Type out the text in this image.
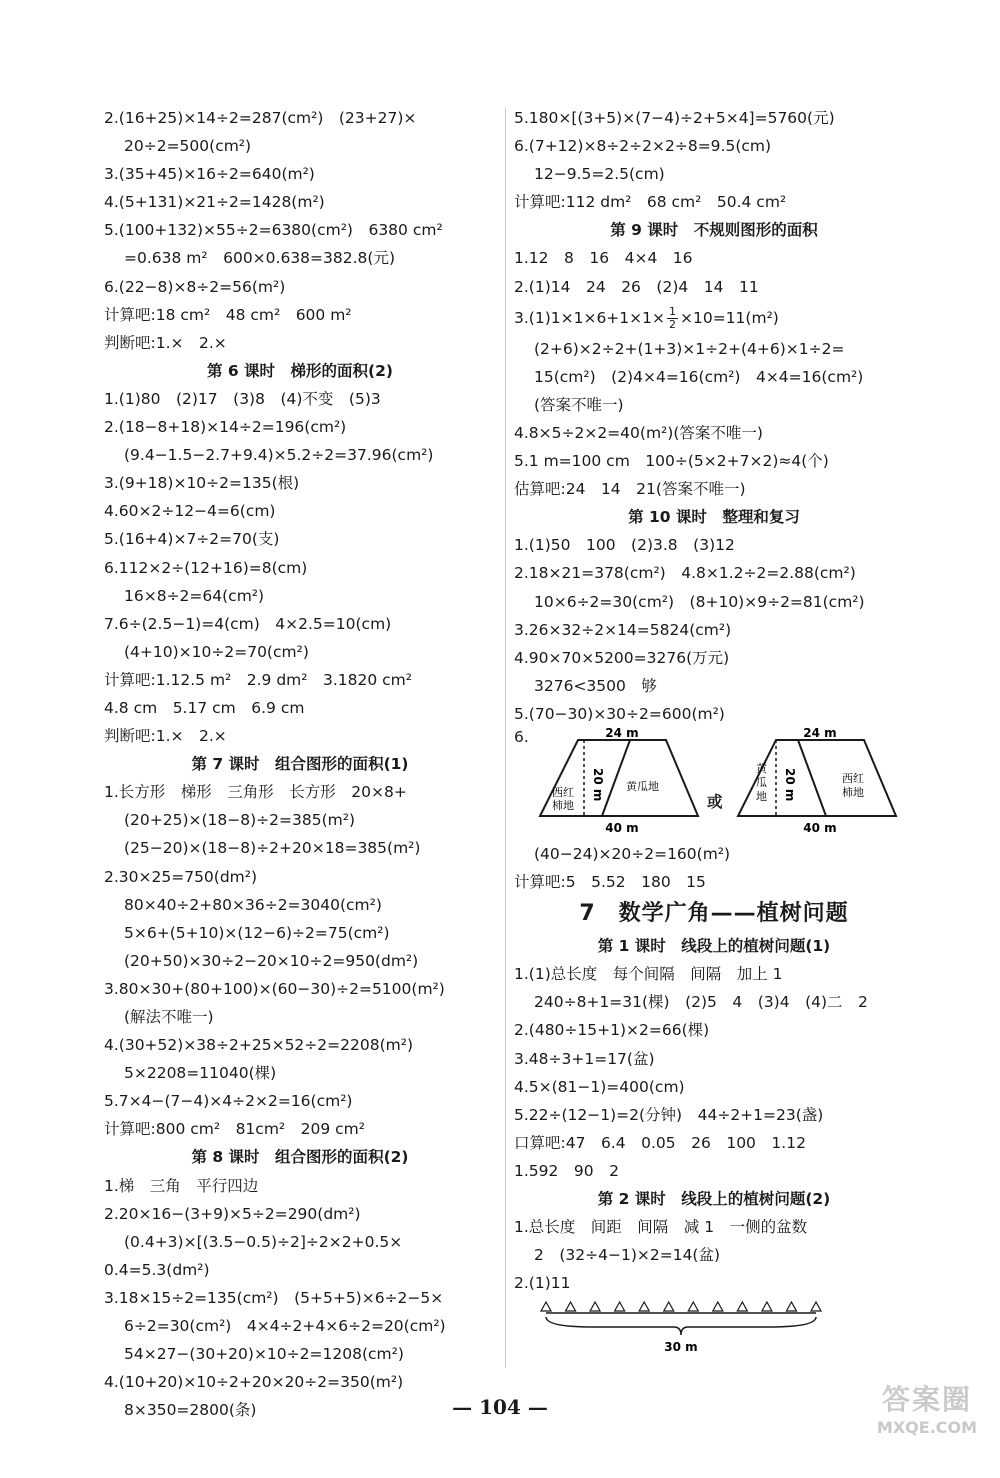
2.(16+25)×14÷2=287(cm²)　(23+27)×
20÷2=500(cm²)
3.(35+45)×16÷2=640(m²)
4.(5+131)×21÷2=1428(m²)
5.(100+132)×55÷2=6380(cm²)　6380 cm²
=0.638 m²　600×0.638=382.8(元)
6.(22−8)×8÷2=56(m²)
计算吧:18 cm²　48 cm²　600 m²
判断吧:1.×　2.×
第 6 课时　梯形的面积(2)
1.(1)80　(2)17　(3)8　(4)不变　(5)3
2.(18−8+18)×14÷2=196(cm²)
(9.4−1.5−2.7+9.4)×5.2÷2=37.96(cm²)
3.(9+18)×10÷2=135(根)
4.60×2÷12−4=6(cm)
5.(16+4)×7÷2=70(支)
6.112×2÷(12+16)=8(cm)
16×8÷2=64(cm²)
7.6÷(2.5−1)=4(cm)　4×2.5=10(cm)
(4+10)×10÷2=70(cm²)
计算吧:1.12.5 m²　2.9 dm²　3.1820 cm²
4.8 cm　5.17 cm　6.9 cm
判断吧:1.×　2.×
第 7 课时　组合图形的面积(1)
1.长方形　梯形　三角形　长方形　20×8+
(20+25)×(18−8)÷2=385(m²)
(25−20)×(18−8)÷2+20×18=385(m²)
2.30×25=750(dm²)
80×40÷2+80×36÷2=3040(cm²)
5×6+(5+10)×(12−6)÷2=75(cm²)
(20+50)×30÷2−20×10÷2=950(dm²)
3.80×30+(80+100)×(60−30)÷2=5100(m²)
(解法不唯一)
4.(30+52)×38÷2+25×52÷2=2208(m²)
5×2208=11040(棵)
5.7×4−(7−4)×4÷2×2=16(cm²)
计算吧:800 cm²　81cm²　209 cm²
第 8 课时　组合图形的面积(2)
1.梯　三角　平行四边
2.20×16−(3+9)×5÷2=290(dm²)
(0.4+3)×[(3.5−0.5)÷2]÷2×2+0.5×
0.4=5.3(dm²)
3.18×15÷2=135(cm²)　(5+5+5)×6÷2−5×
6÷2=30(cm²)　4×4÷2+4×6÷2=20(cm²)
54×27−(30+20)×10÷2=1208(cm²)
4.(10+20)×10÷2+20×20÷2=350(m²)
8×350=2800(条)
5.180×[(3+5)×(7−4)÷2+5×4]=5760(元)
6.(7+12)×8÷2÷2×2÷8=9.5(cm)
12−9.5=2.5(cm)
计算吧:112 dm²　68 cm²　50.4 cm²
第 9 课时　不规则图形的面积
1.12　8　16　4×4　16
2.(1)14　24　26　(2)4　14　11
$3.(1)1\times 1\times 6+1\times 1\times \frac{1}{2} \times 10=11(m^2)$
(2+6)×2÷2+(1+3)×1÷2+(4+6)×1÷2=
15(cm²)　(2)4×4=16(cm²)　4×4=16(cm²)
(答案不唯一)
4.8×5÷2×2=40(m²)(答案不唯一)
5.1 m=100 cm　100÷(5×2+7×2)≈4(个)
估算吧:24　14　21(答案不唯一)
第 10 课时　整理和复习
1.(1)50　100　(2)3.8　(3)12
2.18×21=378(cm²)　4.8×1.2÷2=2.88(cm²)
10×6÷2=30(cm²)　(8+10)×9÷2=81(cm²)
3.26×32÷2×14=5824(cm²)
4.90×70×5200=3276(万元)
3276<3500　够
5.(70−30)×30÷2=600(m²)
6.	24 m
40 m
20 m
西红
柿地
黄瓜地
或
24 m
40 m
20 m
黄
瓜
地
西红
柿地
(40−24)×20÷2=160(m²)
计算吧:5　5.52　180　15
7　数学广角——植树问题
第 1 课时　线段上的植树问题(1)
1.(1)总长度　每个间隔　间隔　加上 1
240÷8+1=31(棵)　(2)5　4　(3)4　(4)二　2
2.(480÷15+1)×2=66(棵)
3.48÷3+1=17(盆)
4.5×(81−1)=400(cm)
5.22÷(12−1)=2(分钟)　44÷2+1=23(盏)
口算吧:47　6.4　0.05　26　100　1.12
1.592　90　2
第 2 课时　线段上的植树问题(2)
1.总长度　间距　间隔　减 1　一侧的盆数
2　(32÷4−1)×2=14(盆)
2.(1)11
30 m
— 104 —	答案圈
MXQE.COM
